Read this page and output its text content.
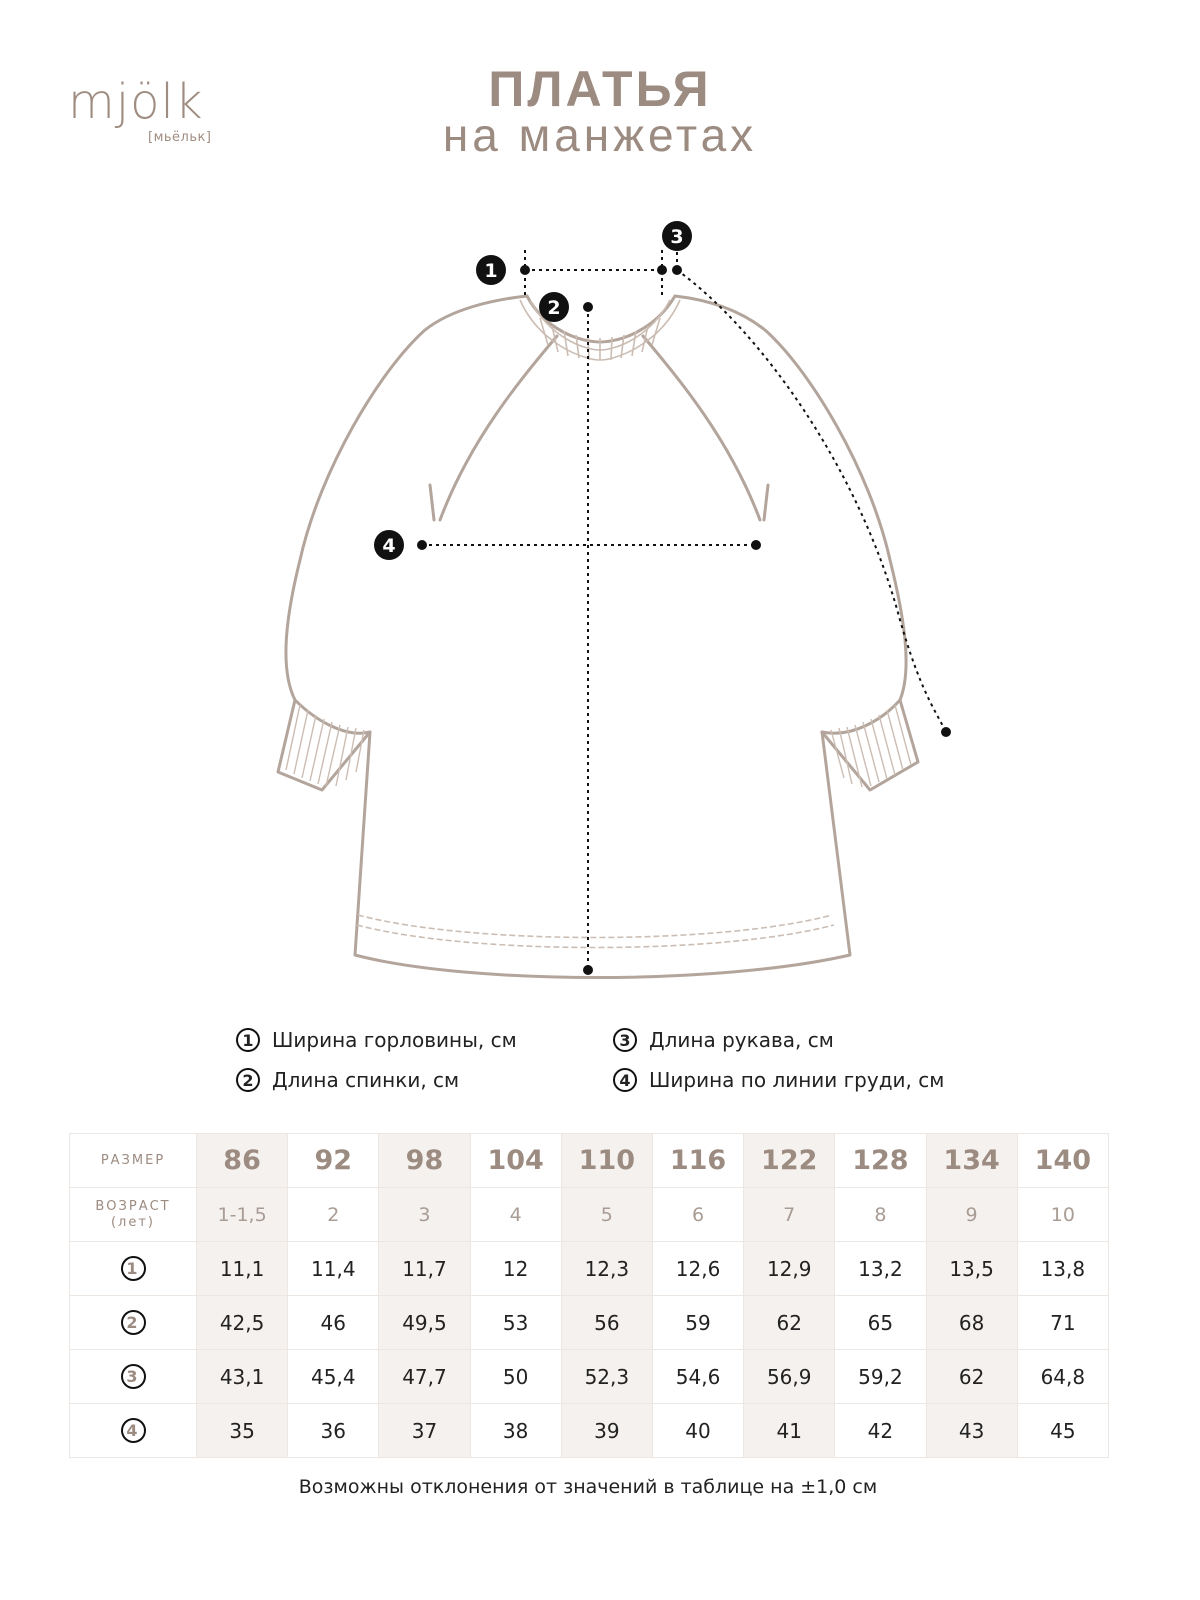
mjölk
[мьёльк]
ПЛАТЬЯ
на манжетах
1
2
3
4
1 Ширина горловины, см
2 Длина спинки, см
3 Длина рукава, см
4 Ширина по линии груди, см
РАЗМЕР	86	92	98	104	110	116	122	128	134	140
ВОЗРАСТ
(лет)	1-1,5	2	3	4	5	6	7	8	9	10
1	11,1	11,4	11,7	12	12,3	12,6	12,9	13,2	13,5	13,8
2	42,5	46	49,5	53	56	59	62	65	68	71
3	43,1	45,4	47,7	50	52,3	54,6	56,9	59,2	62	64,8
4	35	36	37	38	39	40	41	42	43	45
Возможны отклонения от значений в таблице на ±1,0 см
